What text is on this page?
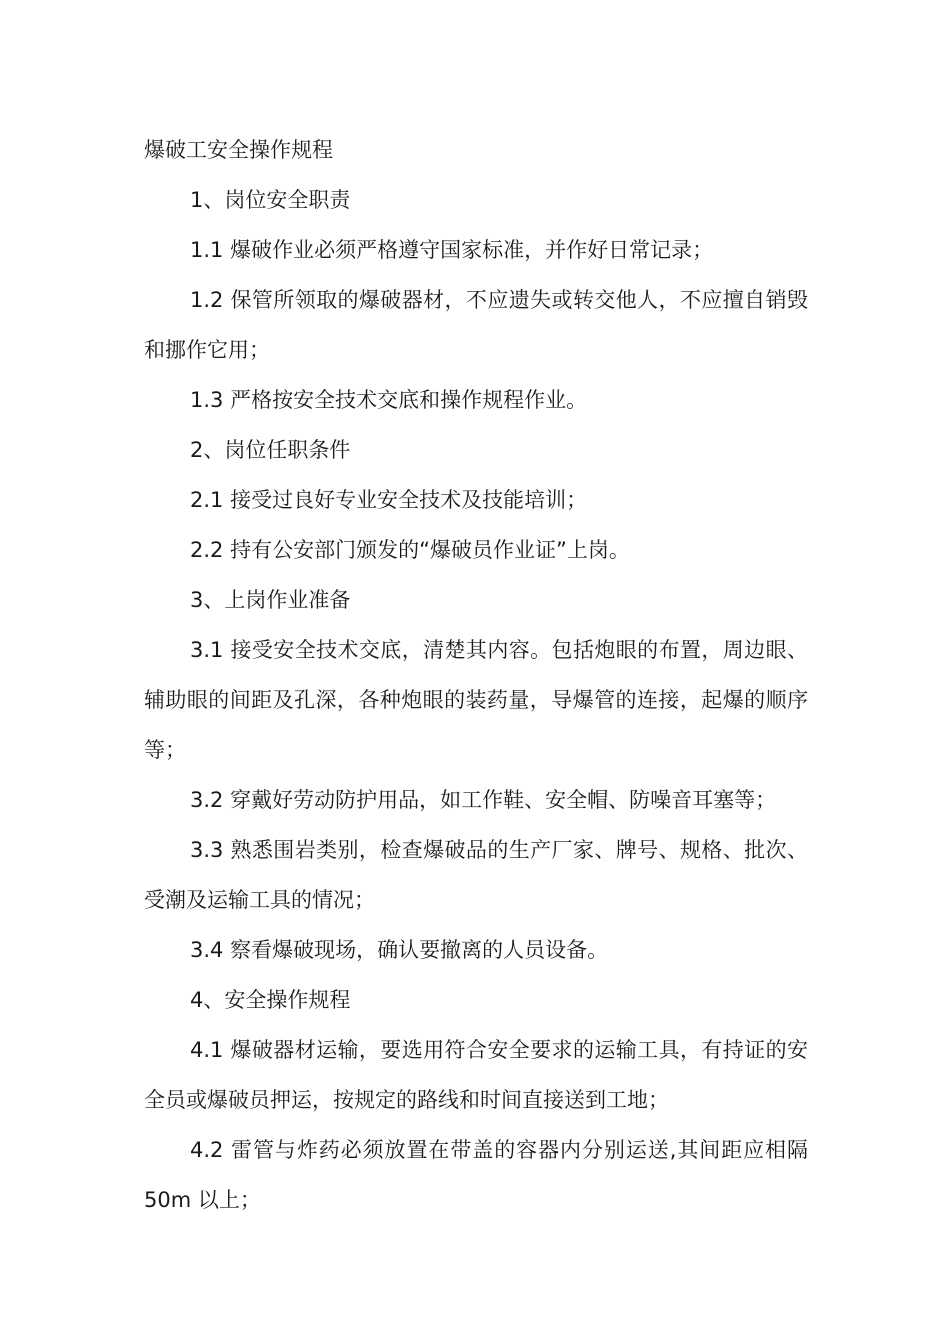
爆破工安全操作规程

1、岗位安全职责

1.1 爆破作业必须严格遵守国家标准，并作好日常记录；

1.2 保管所领取的爆破器材，不应遗失或转交他人，不应擅自销毁和挪作它用；

1.3 严格按安全技术交底和操作规程作业。

2、岗位任职条件

2.1 接受过良好专业安全技术及技能培训；

2.2 持有公安部门颁发的“爆破员作业证”上岗。

3、上岗作业准备

3.1 接受安全技术交底，清楚其内容。包括炮眼的布置，周边眼、辅助眼的间距及孔深，各种炮眼的装药量，导爆管的连接，起爆的顺序等；

3.2 穿戴好劳动防护用品，如工作鞋、安全帽、防噪音耳塞等；

3.3 熟悉围岩类别，检查爆破品的生产厂家、牌号、规格、批次、受潮及运输工具的情况；

3.4 察看爆破现场，确认要撤离的人员设备。

4、安全操作规程

4.1 爆破器材运输，要选用符合安全要求的运输工具，有持证的安全员或爆破员押运，按规定的路线和时间直接送到工地；

4.2 雷管与炸药必须放置在带盖的容器内分别运送,其间距应相隔 50m 以上；
